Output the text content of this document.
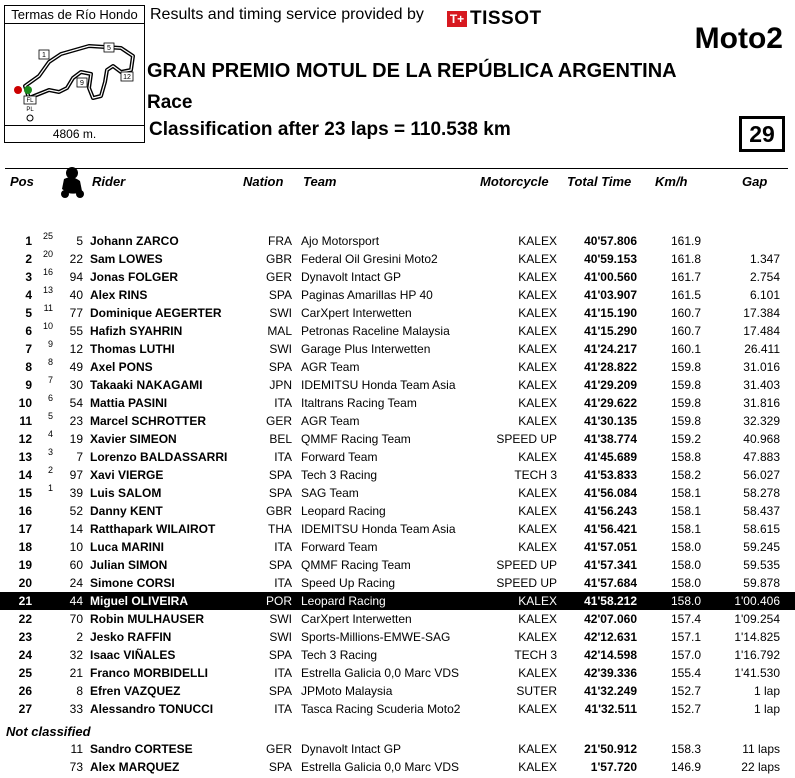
Termas de Río Hondo
1
5
9
12
FL
PL
4806 m.
Results and timing service provided by T+ TISSOT
Moto2
GRAN PREMIO MOTUL DE LA REPÚBLICA ARGENTINA
Race
Classification after 23 laps = 110.538 km	29
Pos	Rider	Nation Team	Motorcycle Total Time Km/h	Gap
1	25	5 Johann ZARCO	FRA Ajo Motorsport	KALEX	40'57.806	161.9
2	20	22 Sam LOWES	GBR Federal Oil Gresini Moto2	KALEX	40'59.153	161.8	1.347
3	16	94 Jonas FOLGER	GER Dynavolt Intact GP	KALEX	41'00.560	161.7	2.754
4	13	40 Alex RINS	SPA Paginas Amarillas HP 40	KALEX	41'03.907	161.5	6.101
5	11	77 Dominique AEGERTER	SWI CarXpert Interwetten	KALEX	41'15.190	160.7	17.384
6	10	55 Hafizh SYAHRIN	MAL Petronas Raceline Malaysia	KALEX	41'15.290	160.7	17.484
7	9	12 Thomas LUTHI	SWI Garage Plus Interwetten	KALEX	41'24.217	160.1	26.411
8	8	49 Axel PONS	SPA AGR Team	KALEX	41'28.822	159.8	31.016
9	7	30 Takaaki NAKAGAMI	JPN IDEMITSU Honda Team Asia	KALEX	41'29.209	159.8	31.403
10	6	54 Mattia PASINI	ITA Italtrans Racing Team	KALEX	41'29.622	159.8	31.816
11	5	23 Marcel SCHROTTER	GER AGR Team	KALEX	41'30.135	159.8	32.329
12	4	19 Xavier SIMEON	BEL QMMF Racing Team	SPEED UP	41'38.774	159.2	40.968
13	3	7 Lorenzo BALDASSARRI	ITA Forward Team	KALEX	41'45.689	158.8	47.883
14	2	97 Xavi VIERGE	SPA Tech 3 Racing	TECH 3	41'53.833	158.2	56.027
15	1	39 Luis SALOM	SPA SAG Team	KALEX	41'56.084	158.1	58.278
16	52 Danny KENT	GBR Leopard Racing	KALEX	41'56.243	158.1	58.437
17	14 Ratthapark WILAIROT	THA IDEMITSU Honda Team Asia	KALEX	41'56.421	158.1	58.615
18	10 Luca MARINI	ITA Forward Team	KALEX	41'57.051	158.0	59.245
19	60 Julian SIMON	SPA QMMF Racing Team	SPEED UP	41'57.341	158.0	59.535
20	24 Simone CORSI	ITA Speed Up Racing	SPEED UP	41'57.684	158.0	59.878
21	44 Miguel OLIVEIRA	POR Leopard Racing	KALEX	41'58.212	158.0	1'00.406
22	70 Robin MULHAUSER	SWI CarXpert Interwetten	KALEX	42'07.060	157.4	1'09.254
23	2 Jesko RAFFIN	SWI Sports-Millions-EMWE-SAG	KALEX	42'12.631	157.1	1'14.825
24	32 Isaac VIÑALES	SPA Tech 3 Racing	TECH 3	42'14.598	157.0	1'16.792
25	21 Franco MORBIDELLI	ITA Estrella Galicia 0,0 Marc VDS	KALEX	42'39.336	155.4	1'41.530
26	8 Efren VAZQUEZ	SPA JPMoto Malaysia	SUTER	41'32.249	152.7	1 lap
27	33 Alessandro TONUCCI	ITA Tasca Racing Scuderia Moto2	KALEX	41'32.511	152.7	1 lap
Not classified
11 Sandro CORTESE	GER Dynavolt Intact GP	KALEX	21'50.912	158.3	11 laps
73 Alex MARQUEZ	SPA Estrella Galicia 0,0 Marc VDS	KALEX	1'57.720	146.9	22 laps
